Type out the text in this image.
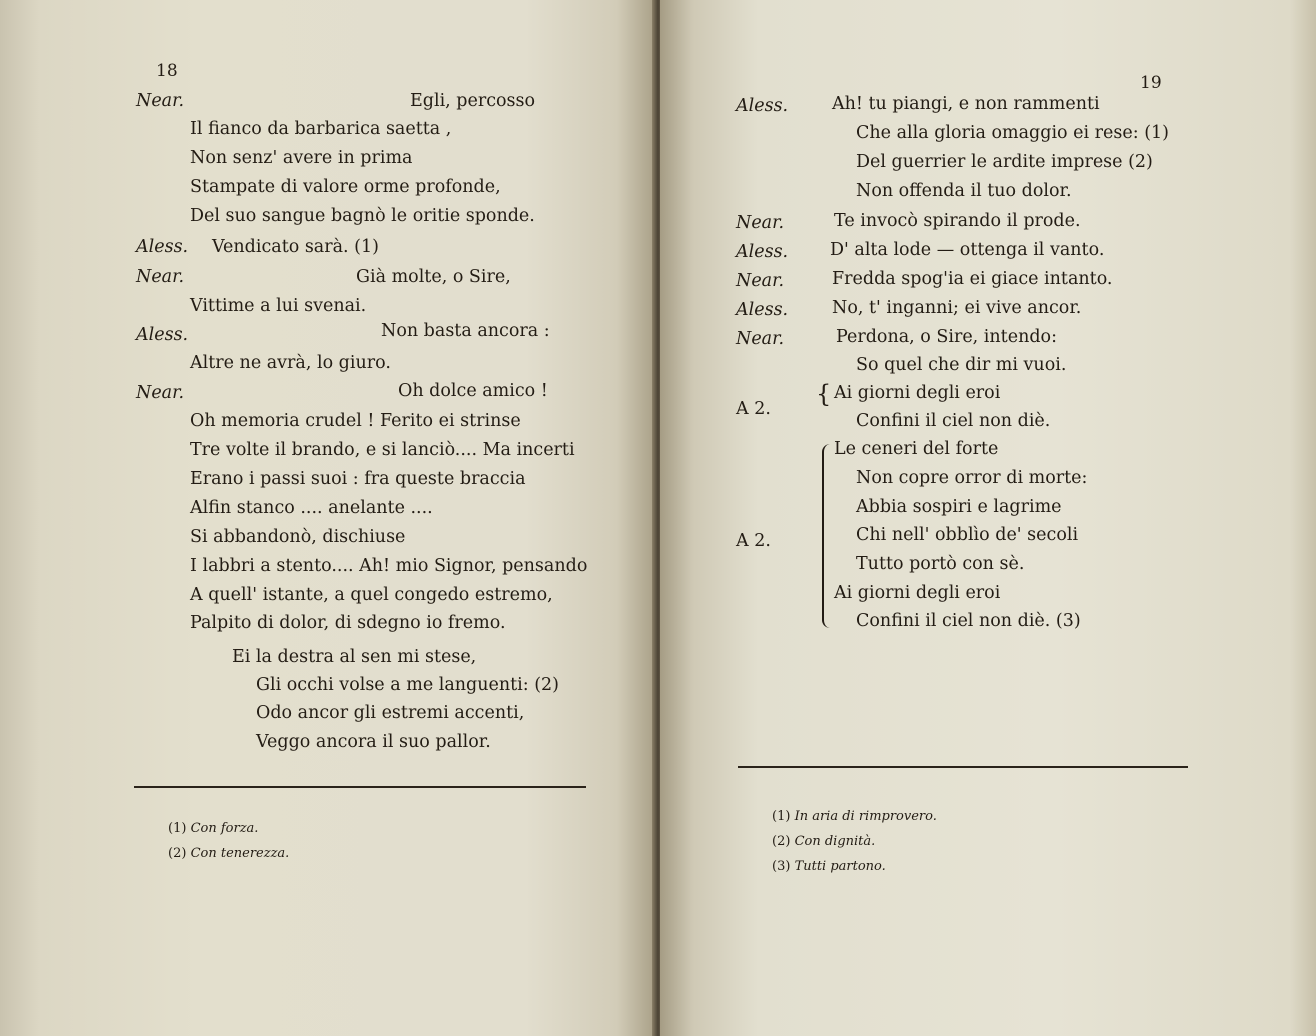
18
Near.	Egli, percosso
Il fianco da barbarica saetta ,
Non senz' avere in prima
Stampate di valore orme profonde,
Del suo sangue bagnò le oritie sponde.
Aless. Vendicato sarà. (1)
Near.	Già molte, o Sire,
Vittime a lui svenai.
Aless.	Non basta ancora :
Altre ne avrà, lo giuro.
Near.	Oh dolce amico !
Oh memoria crudel ! Ferito ei strinse
Tre volte il brando, e si lanciò.... Ma incerti
Erano i passi suoi : fra queste braccia
Alfin stanco .... anelante ....
Si abbandonò, dischiuse
I labbri a stento.... Ah! mio Signor, pensando
A quell' istante, a quel congedo estremo,
Palpito di dolor, di sdegno io fremo.
Ei la destra al sen mi stese,
Gli occhi volse a me languenti: (2)
Odo ancor gli estremi accenti,
Veggo ancora il suo pallor.
(1) Con forza.
(2) Con tenerezza.
19
Aless.	Ah! tu piangi, e non rammenti
Che alla gloria omaggio ei rese: (1)
Del guerrier le ardite imprese (2)
Non offenda il tuo dolor.
Near.	Te invocò spirando il prode.
Aless. D' alta lode — ottenga il vanto.
Near.	Fredda spog'ia ei giace intanto.
Aless.	No, t' inganni; ei vive ancor.
Near.	Perdona, o Sire, intendo:
So quel che dir mi vuoi.
{ Ai giorni degli eroi
A 2.
Confini il ciel non diè.
Le ceneri del forte
Non copre orror di morte:
Abbia sospiri e lagrime
A 2.	Chi nell' obblìo de' secoli
Tutto portò con sè.
Ai giorni degli eroi
Confini il ciel non diè. (3)
(1) In aria di rimprovero.
(2) Con dignità.
(3) Tutti partono.
